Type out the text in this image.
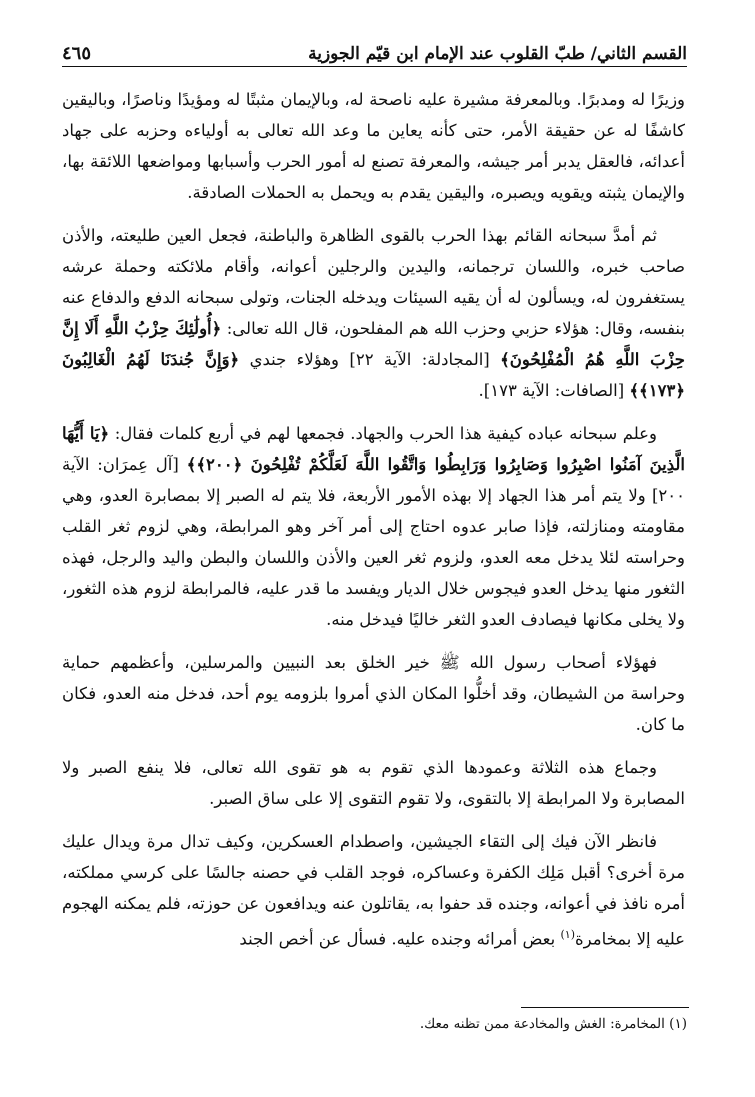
القسم الثاني/ طبّ القلوب عند الإمام ابن قيّم الجوزية
٤٦٥

وزيرًا له ومدبرًا. وبالمعرفة مشيرة عليه ناصحة له، وبالإيمان مثبتًا له ومؤيدًا وناصرًا، وباليقين كاشفًا له عن حقيقة الأمر، حتى كأنه يعاين ما وعد الله تعالى به أولياءه وحزبه على جهاد أعدائه، فالعقل يدبر أمر جيشه، والمعرفة تصنع له أمور الحرب وأسبابها ومواضعها اللائقة بها، والإيمان يثبته ويقويه ويصبره، واليقين يقدم به ويحمل به الحملات الصادقة.

ثم أمدَّ سبحانه القائم بهذا الحرب بالقوى الظاهرة والباطنة، فجعل العين طليعته، والأذن صاحب خبره، واللسان ترجمانه، واليدين والرجلين أعوانه، وأقام ملائكته وحملة عرشه يستغفرون له، ويسألون له أن يقيه السيئات ويدخله الجنات، وتولى سبحانه الدفع والدفاع عنه بنفسه، وقال: هؤلاء حزبي وحزب الله هم المفلحون، قال الله تعالى: ﴿أُولَٰئِكَ حِزْبُ اللَّهِ أَلَا إِنَّ حِزْبَ اللَّهِ هُمُ الْمُفْلِحُونَ﴾ [المجادلة: الآية ٢٢] وهؤلاء جندي ﴿وَإِنَّ جُندَنَا لَهُمُ الْغَالِبُونَ ﴿١٧٣﴾﴾ [الصافات: الآية ١٧٣].

وعلم سبحانه عباده كيفية هذا الحرب والجهاد. فجمعها لهم في أربع كلمات فقال: ﴿يَا أَيُّهَا الَّذِينَ آمَنُوا اصْبِرُوا وَصَابِرُوا وَرَابِطُوا وَاتَّقُوا اللَّهَ لَعَلَّكُمْ تُفْلِحُونَ ﴿٢٠٠﴾﴾ [آل عِمرَان: الآية ٢٠٠] ولا يتم أمر هذا الجهاد إلا بهذه الأمور الأربعة، فلا يتم له الصبر إلا بمصابرة العدو، وهي مقاومته ومنازلته، فإذا صابر عدوه احتاج إلى أمر آخر وهو المرابطة، وهي لزوم ثغر القلب وحراسته لئلا يدخل معه العدو، ولزوم ثغر العين والأذن واللسان والبطن واليد والرجل، فهذه الثغور منها يدخل العدو فيجوس خلال الديار ويفسد ما قدر عليه، فالمرابطة لزوم هذه الثغور، ولا يخلى مكانها فيصادف العدو الثغر خاليًا فيدخل منه.

فهؤلاء أصحاب رسول الله ﷺ خير الخلق بعد النبيين والمرسلين، وأعظمهم حماية وحراسة من الشيطان، وقد أخلُّوا المكان الذي أمروا بلزومه يوم أحد، فدخل منه العدو، فكان ما كان.

وجماع هذه الثلاثة وعمودها الذي تقوم به هو تقوى الله تعالى، فلا ينفع الصبر ولا المصابرة ولا المرابطة إلا بالتقوى، ولا تقوم التقوى إلا على ساق الصبر.

فانظر الآن فيك إلى التقاء الجيشين، واصطدام العسكرين، وكيف تدال مرة ويدال عليك مرة أخرى؟ أقبل مَلِك الكفرة وعساكره، فوجد القلب في حصنه جالسًا على كرسي مملكته، أمره نافذ في أعوانه، وجنده قد حفوا به، يقاتلون عنه ويدافعون عن حوزته، فلم يمكنه الهجوم عليه إلا بمخامرة$^{(١)}$ بعض أمرائه وجنده عليه. فسأل عن أخص الجند

(١) المخامرة: الغش والمخادعة ممن تظنه معك.
